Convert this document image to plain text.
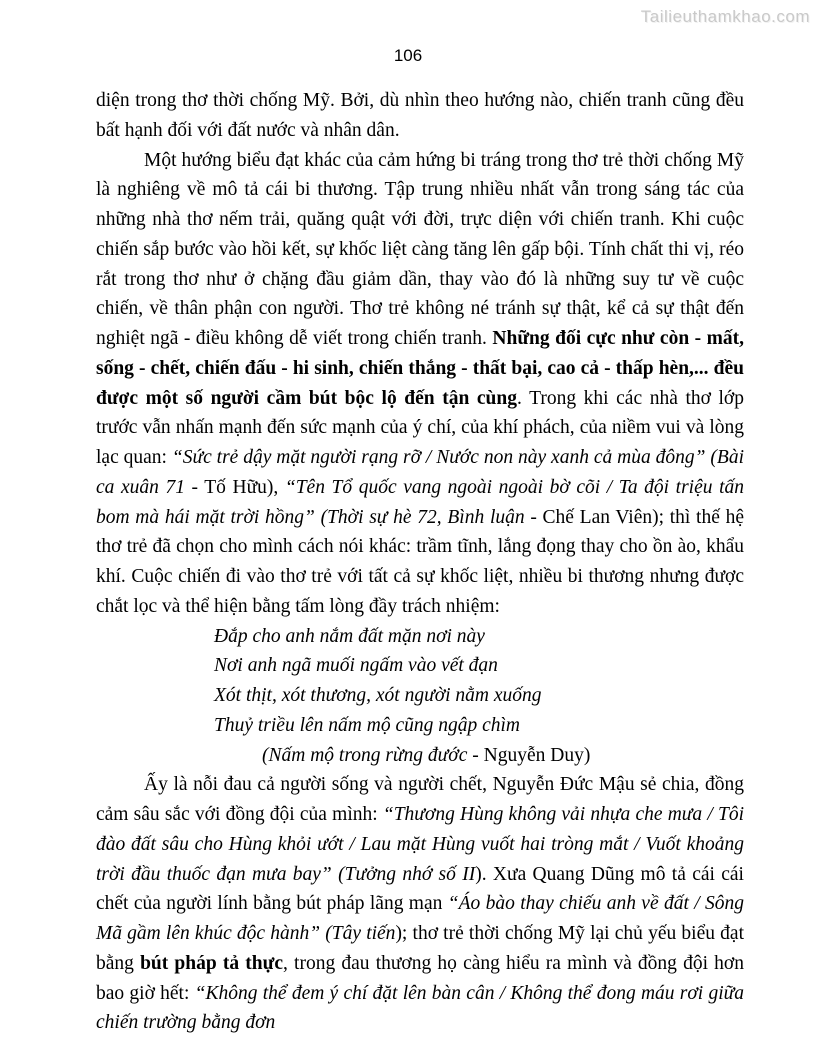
Tailieuthamkhao.com
106

diện trong thơ thời chống Mỹ. Bởi, dù nhìn theo hướng nào, chiến tranh cũng đều bất hạnh đối với đất nước và nhân dân.

Một hướng biểu đạt khác của cảm hứng bi tráng trong thơ trẻ thời chống Mỹ là nghiêng về mô tả cái bi thương. Tập trung nhiều nhất vẫn trong sáng tác của những nhà thơ nếm trải, quăng quật với đời, trực diện với chiến tranh. Khi cuộc chiến sắp bước vào hồi kết, sự khốc liệt càng tăng lên gấp bội. Tính chất thi vị, réo rắt trong thơ như ở chặng đầu giảm dần, thay vào đó là những suy tư về cuộc chiến, về thân phận con người. Thơ trẻ không né tránh sự thật, kể cả sự thật đến nghiệt ngã - điều không dễ viết trong chiến tranh. Những đối cực như còn - mất, sống - chết, chiến đấu - hi sinh, chiến thắng - thất bại, cao cả - thấp hèn,... đều được một số người cầm bút bộc lộ đến tận cùng. Trong khi các nhà thơ lớp trước vẫn nhấn mạnh đến sức mạnh của ý chí, của khí phách, của niềm vui và lòng lạc quan: “Sức trẻ dậy mặt người rạng rỡ / Nước non này xanh cả mùa đông” (Bài ca xuân 71 - Tố Hữu), “Tên Tổ quốc vang ngoài ngoài bờ cõi / Ta đội triệu tấn bom mà hái mặt trời hồng” (Thời sự hè 72, Bình luận - Chế Lan Viên); thì thế hệ thơ trẻ đã chọn cho mình cách nói khác: trầm tĩnh, lắng đọng thay cho ồn ào, khẩu khí. Cuộc chiến đi vào thơ trẻ với tất cả sự khốc liệt, nhiều bi thương nhưng được chắt lọc và thể hiện bằng tấm lòng đầy trách nhiệm:

Đắp cho anh nắm đất mặn nơi này

Nơi anh ngã muối ngấm vào vết đạn

Xót thịt, xót thương, xót người nằm xuống

Thuỷ triều lên nấm mộ cũng ngập chìm

(Nấm mộ trong rừng đước - Nguyễn Duy)

Ấy là nỗi đau cả người sống và người chết, Nguyễn Đức Mậu sẻ chia, đồng cảm sâu sắc với đồng đội của mình: “Thương Hùng không vải nhựa che mưa / Tôi đào đất sâu cho Hùng khỏi ướt / Lau mặt Hùng vuốt hai tròng mắt / Vuốt khoảng trời đầu thuốc đạn mưa bay” (Tưởng nhớ số II). Xưa Quang Dũng mô tả cái cái chết của người lính bằng bút pháp lãng mạn “Áo bào thay chiếu anh về đất / Sông Mã gầm lên khúc độc hành” (Tây tiến); thơ trẻ thời chống Mỹ lại chủ yếu biểu đạt bằng bút pháp tả thực, trong đau thương họ càng hiểu ra mình và đồng đội hơn bao giờ hết: “Không thể đem ý chí đặt lên bàn cân / Không thể đong máu rơi giữa chiến trường bằng đơn
